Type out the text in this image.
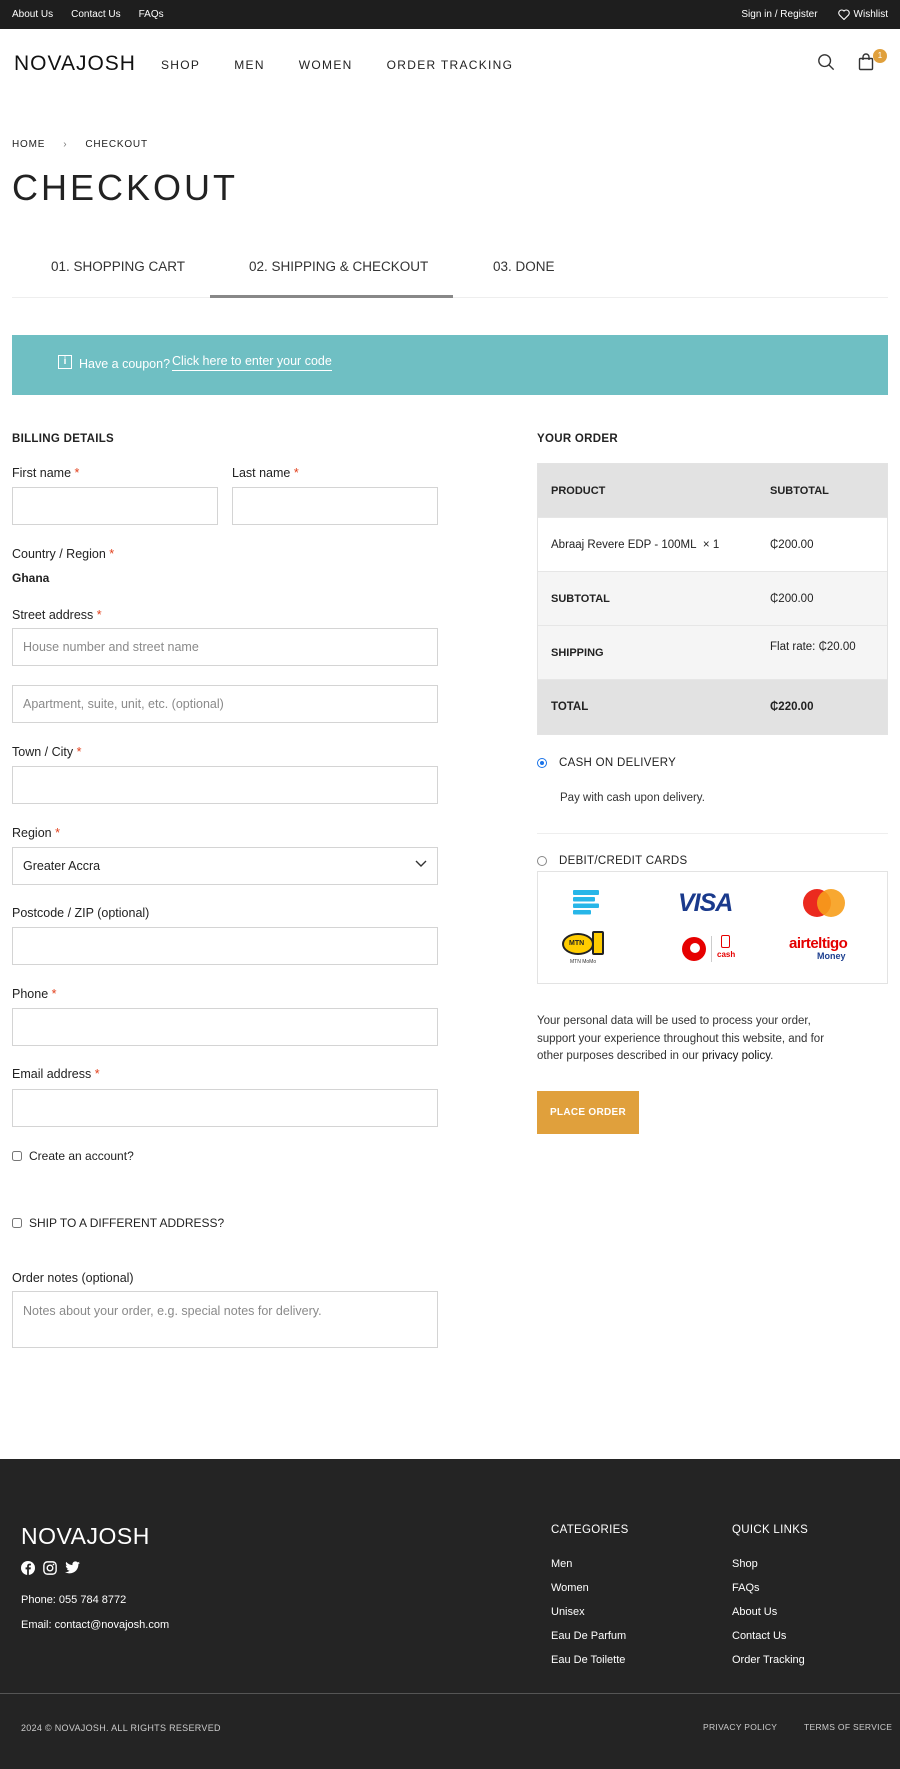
About Us Contact Us FAQs	Sign in / Register	Wishlist
NOVAJOSH SHOP	MEN	WOMEN	ORDER TRACKING
1
HOME › CHECKOUT
CHECKOUT
01. SHOPPING CART	02. SHIPPING & CHECKOUT	03. DONE
i	Have a coupon? Click here to enter your code
BILLING DETAILS
First name *	Last name *
Country / Region *
Ghana
Street address *
House number and street name
Apartment, suite, unit, etc. (optional)
Town / City *
Region *
Greater Accra
Postcode / ZIP (optional)
Phone *
Email address *
Create an account?
SHIP TO A DIFFERENT ADDRESS?
Order notes (optional)
Notes about your order, e.g. special notes for delivery.
YOUR ORDER
PRODUCT	SUBTOTAL
Abraaj Revere EDP - 100ML × 1	₵200.00
SUBTOTAL	₵200.00
SHIPPING	Flat rate: ₵20.00
TOTAL	₵220.00
CASH ON DELIVERY
Pay with cash upon delivery.
DEBIT/CREDIT CARDS
VISA
MTN
MTN MoMo
cash
airteltigo
Money
Your personal data will be used to process your order, support your experience throughout this website, and for other purposes described in our privacy policy.
PLACE ORDER
NOVAJOSH
Phone: 055 784 8772
Email: contact@novajosh.com
CATEGORIES
Men
Women
Unisex
Eau De Parfum
Eau De Toilette
QUICK LINKS
Shop
FAQs
About Us
Contact Us
Order Tracking
2024 © NOVAJOSH. ALL RIGHTS RESERVED	PRIVACY POLICY	TERMS OF SERVICE
